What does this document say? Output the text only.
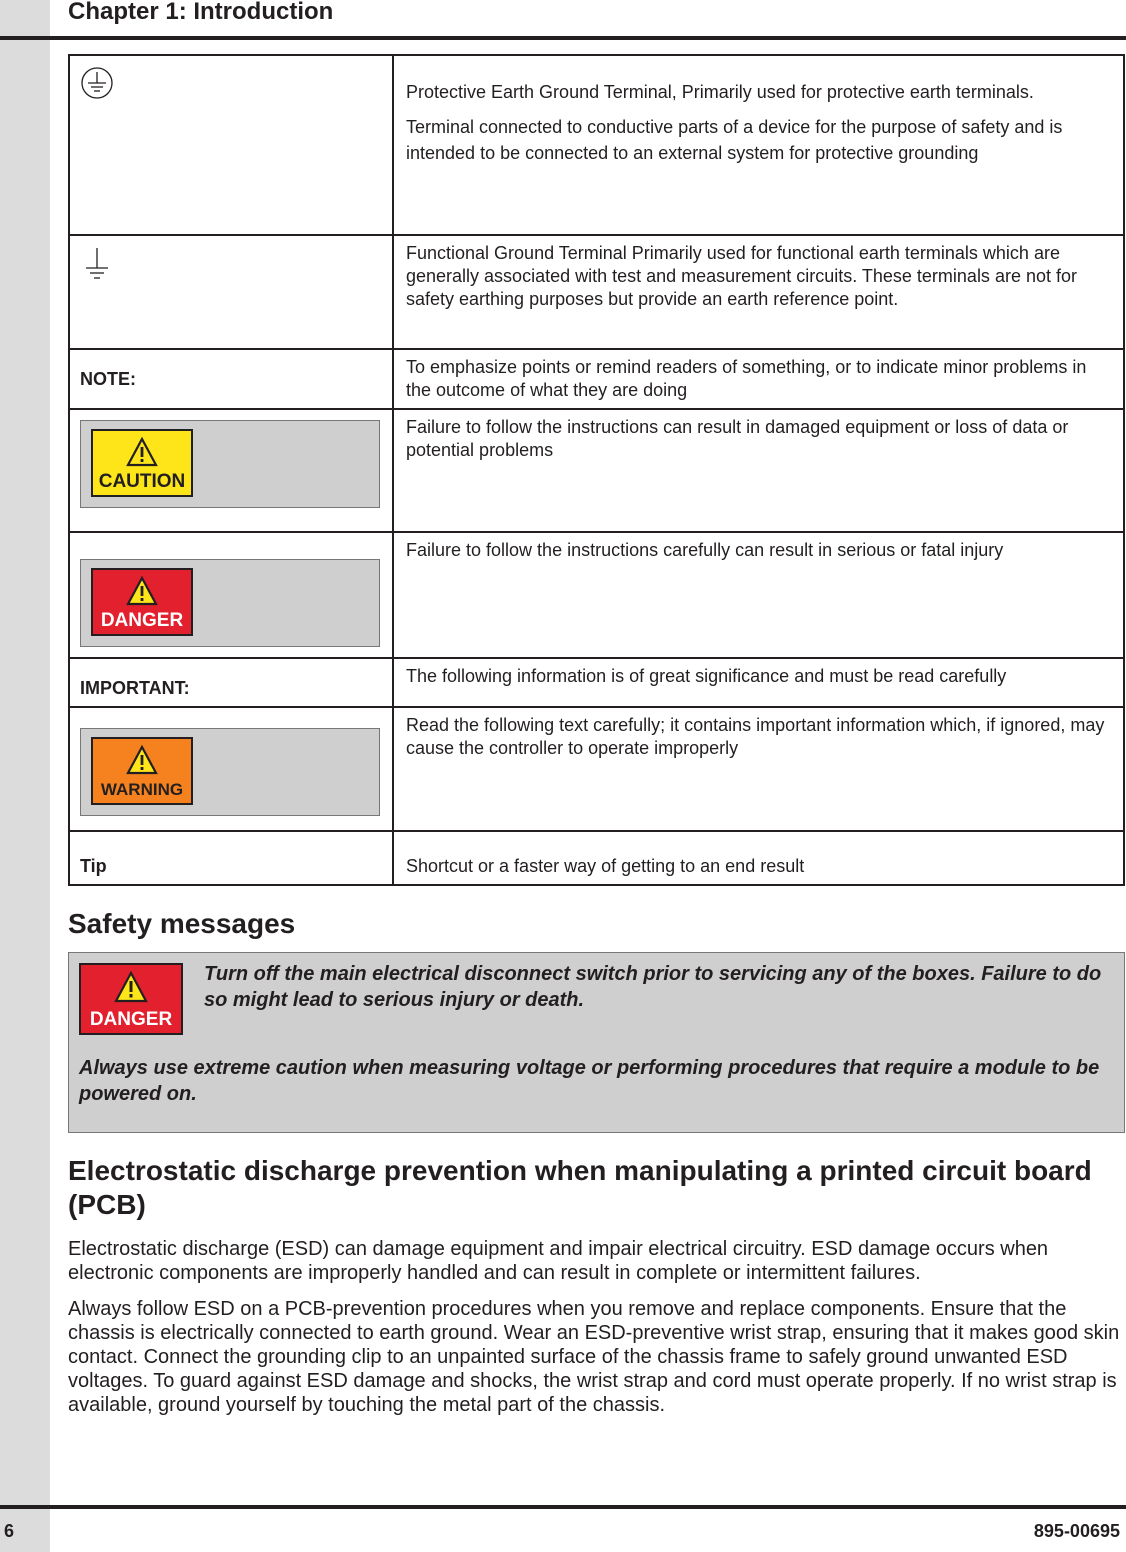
Chapter 1: Introduction

Protective Earth Ground Terminal, Primarily used for protective earth terminals.

Terminal connected to conductive parts of a device for the purpose of safety and is intended to be connected to an external system for protective grounding

	Functional Ground Terminal Primarily used for functional earth terminals which are generally associated with test and measurement circuits. These terminals are not for safety earthing purposes but provide an earth reference point.
NOTE:	To emphasize points or remind readers of something, or to indicate minor problems in the outcome of what they are doing

CAUTION	Failure to follow the instructions can result in damaged equipment or loss of data or potential problems

DANGER	Failure to follow the instructions carefully can result in serious or fatal injury
IMPORTANT:	The following information is of great significance and must be read carefully

WARNING	Read the following text carefully; it contains important information which, if ignored, may cause the controller to operate improperly
Tip	Shortcut or a faster way of getting to an end result
Safety messages
DANGER
Turn off the main electrical disconnect switch prior to servicing any of the boxes. Failure to do so might lead to serious injury or death.
Always use extreme caution when measuring voltage or performing procedures that require a module to be powered on.
Electrostatic discharge prevention when manipulating a printed circuit board (PCB)

Electrostatic discharge (ESD) can damage equipment and impair electrical circuitry. ESD damage occurs when electronic components are improperly handled and can result in complete or intermittent failures.

Always follow ESD on a PCB-prevention procedures when you remove and replace components. Ensure that the chassis is electrically connected to earth ground. Wear an ESD-preventive wrist strap, ensuring that it makes good skin contact. Connect the grounding clip to an unpainted surface of the chassis frame to safely ground unwanted ESD voltages. To guard against ESD damage and shocks, the wrist strap and cord must operate properly. If no wrist strap is available, ground yourself by touching the metal part of the chassis.

6	895-00695
